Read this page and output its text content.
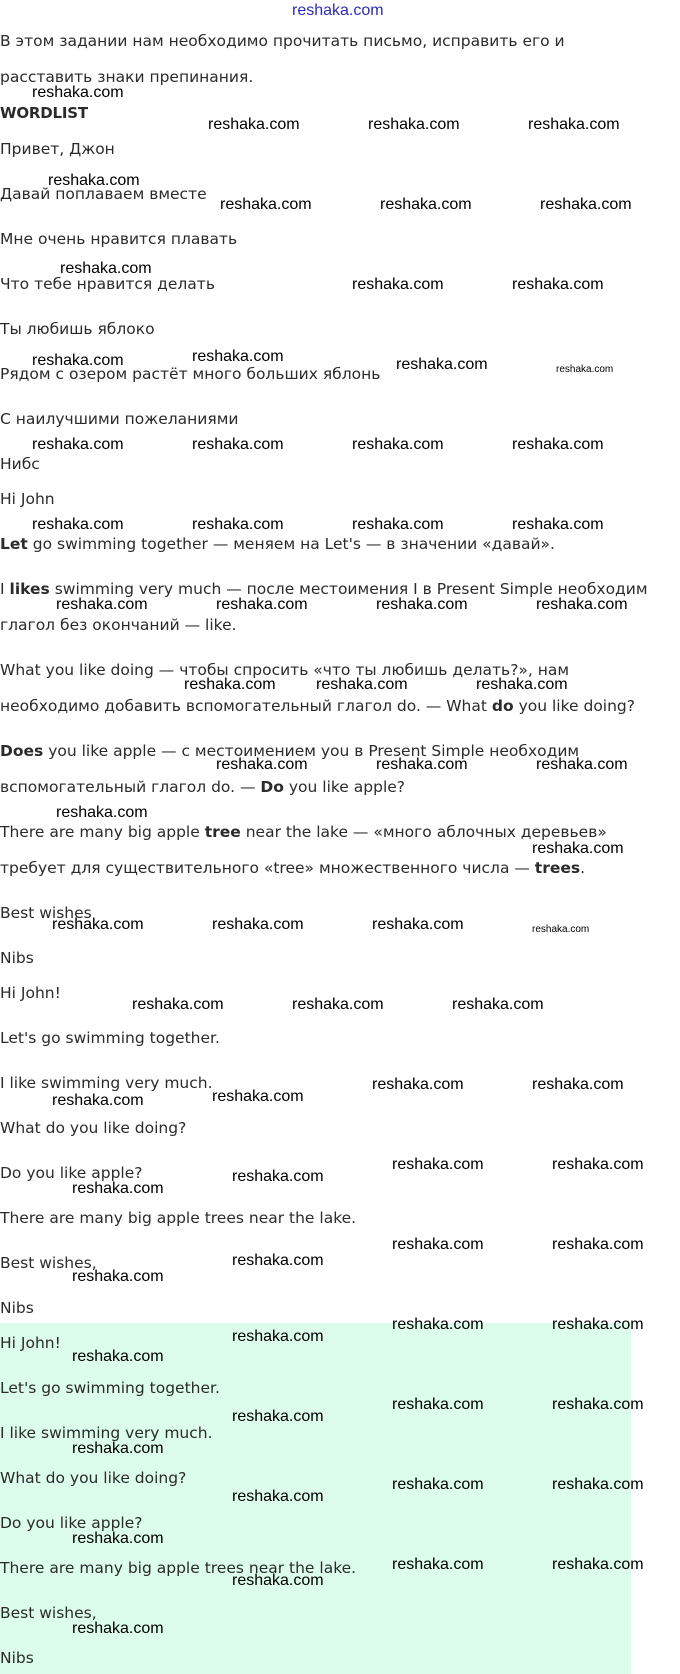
reshaka.com

В этом задании нам необходимо прочитать письмо, исправить его и

расставить знаки препинания.

WORDLIST

Привет, Джон

Давай поплаваем вместе

Мне очень нравится плавать

Что тебе нравится делать

Ты любишь яблоко

Рядом с озером растёт много больших яблонь

С наилучшими пожеланиями

Нибс

Hi John

Let go swimming together — меняем на Let's — в значении «давай».

I likes swimming very much — после местоимения I в Present Simple необходим

глагол без окончаний — like.

What you like doing — чтобы спросить «что ты любишь делать?», нам

необходимо добавить вспомогательный глагол do. — What do you like doing?

Does you like apple — с местоимением you в Present Simple необходим

вспомогательный глагол do. — Do you like apple?

There are many big apple tree near the lake — «много аблочных деревьев»

требует для существительного «tree» множественного числа — trees.

Best wishes

Nibs

Hi John!

Let's go swimming together.

I like swimming very much.

What do you like doing?

Do you like apple?

There are many big apple trees near the lake.

Best wishes,

Nibs

Hi John!

Let's go swimming together.

I like swimming very much.

What do you like doing?

Do you like apple?

There are many big apple trees near the lake.

Best wishes,

Nibs

reshaka.com
reshaka.com	reshaka.com	reshaka.com
reshaka.com
reshaka.com	reshaka.com	reshaka.com
reshaka.com
reshaka.com	reshaka.com
reshaka.com	reshaka.com	reshaka.com	reshaka.com
reshaka.com	reshaka.com	reshaka.com	reshaka.com
reshaka.com	reshaka.com	reshaka.com	reshaka.com
reshaka.com	reshaka.com	reshaka.com	reshaka.com
reshaka.com	reshaka.com	reshaka.com
reshaka.com	reshaka.com	reshaka.com
reshaka.com
reshaka.com
reshaka.com	reshaka.com	reshaka.com	reshaka.com
reshaka.com	reshaka.com	reshaka.com
reshaka.com	reshaka.com
reshaka.com	reshaka.com
reshaka.com
reshaka.com
reshaka.com	reshaka.com
reshaka.com
reshaka.com
reshaka.com	reshaka.com
reshaka.com
reshaka.com	reshaka.com
reshaka.com
reshaka.com
reshaka.com	reshaka.com
reshaka.com
reshaka.com
reshaka.com	reshaka.com
reshaka.com
reshaka.com
reshaka.com	reshaka.com
reshaka.com
